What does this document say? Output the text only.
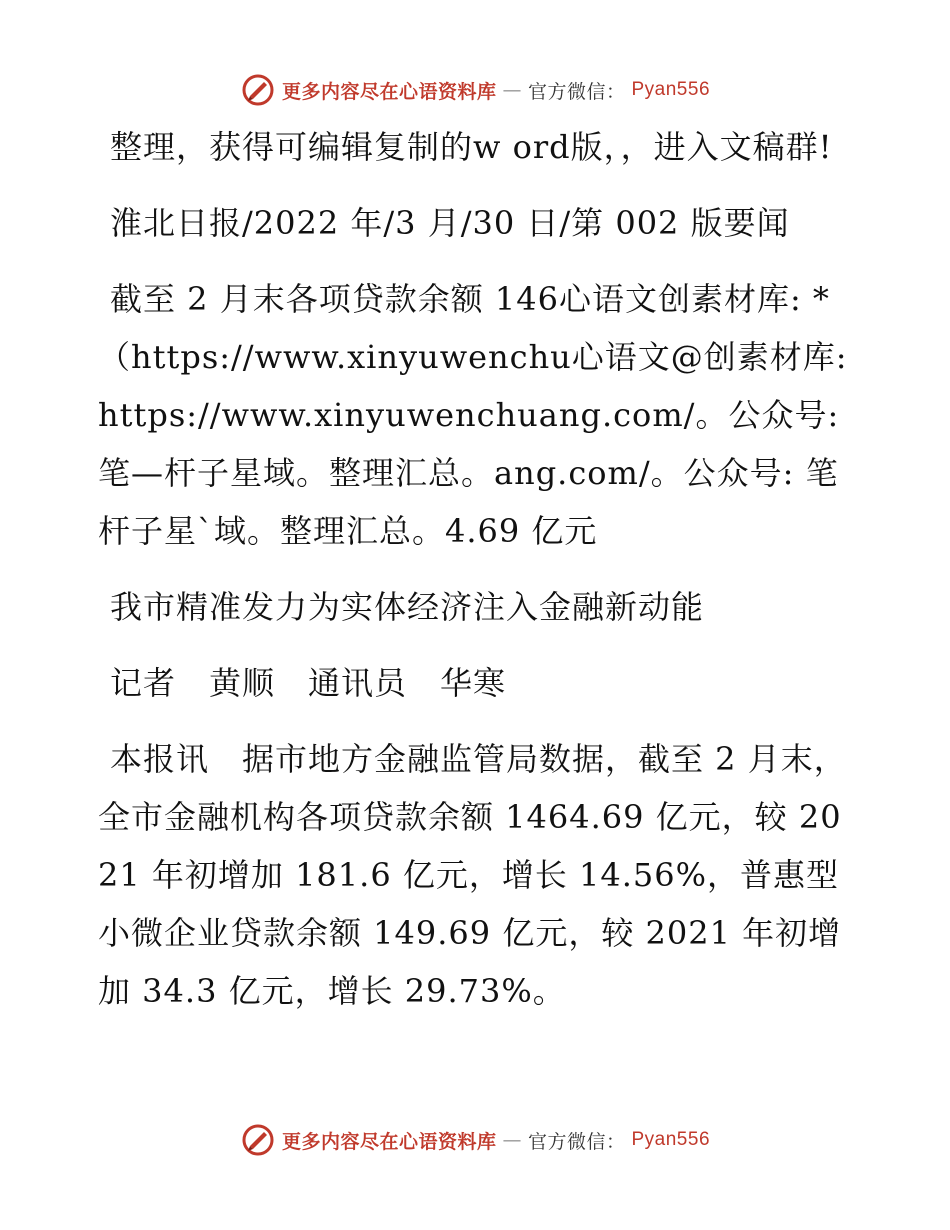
更多内容尽在心语资料库 — 官方微信： Pyan556

整理，获得可编辑复制的w ord版，，进入文稿群!

淮北日报/2022 年/3 月/30 日/第 002 版要闻

截至 2 月末各项贷款余额 146心语文创素材库: *（https://www.xinyuwenchu心语文@创素材库: https://www.xinyuwenchuang.com/。公众号: 笔—杆子星域。整理汇总。ang.com/。公众号: 笔杆子星`域。整理汇总。4.69 亿元

我市精准发力为实体经济注入金融新动能

记者　黄顺　通讯员　华寒

本报讯　据市地方金融监管局数据，截至 2 月末，全市金融机构各项贷款余额 1464.69 亿元，较 2021 年初增加 181.6 亿元，增长 14.56%，普惠型小微企业贷款余额 149.69 亿元，较 2021 年初增加 34.3 亿元，增长 29.73%。

更多内容尽在心语资料库 — 官方微信： Pyan556
